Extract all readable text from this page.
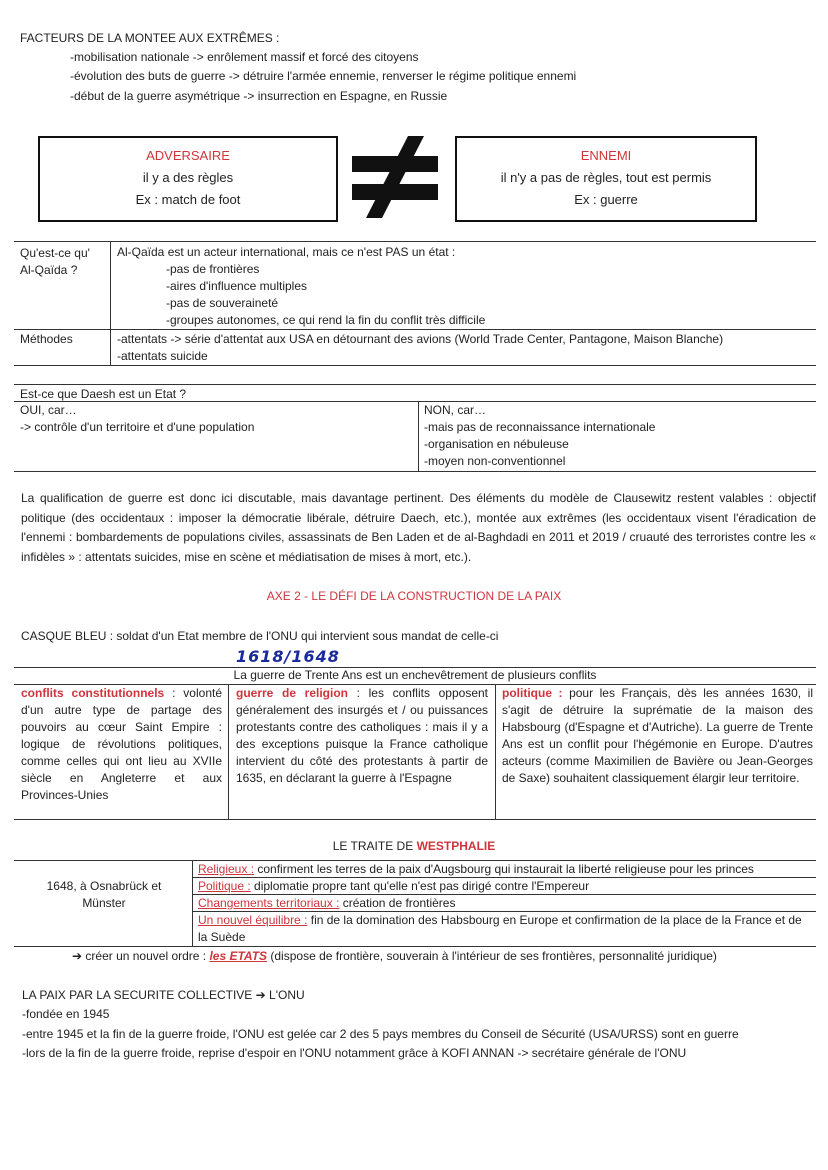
FACTEURS DE LA MONTEE AUX EXTRÊMES :
-mobilisation nationale -> enrôlement massif et forcé des citoyens
-évolution des buts de guerre -> détruire l'armée ennemie, renverser le régime politique ennemi
-début de la guerre asymétrique -> insurrection en Espagne, en Russie
ADVERSAIRE
il y a des règles
Ex : match de foot
ENNEMI
il n'y a pas de règles, tout est permis
Ex : guerre
Qu'est-ce qu' Al-Qaïda ?
Al-Qaïda est un acteur international, mais ce n'est PAS un état :
-pas de frontières
-aires d'influence multiples
-pas de souveraineté
-groupes autonomes, ce qui rend la fin du conflit très difficile
Méthodes	-attentats -> série d'attentat aux USA en détournant des avions (World Trade Center, Pantagone, Maison Blanche)
-attentats suicide
Est-ce que Daesh est un Etat ?
OUI, car…
-> contrôle d'un territoire et d'une population
NON, car…
-mais pas de reconnaissance internationale
-organisation en nébuleuse
-moyen non-conventionnel
La qualification de guerre est donc ici discutable, mais davantage pertinent. Des éléments du modèle de Clausewitz restent valables : objectif politique (des occidentaux : imposer la démocratie libérale, détruire Daech, etc.), montée aux extrêmes (les occidentaux visent l'éradication de l'ennemi : bombardements de populations civiles, assassinats de Ben Laden et de al-Baghdadi en 2011 et 2019 / cruauté des terroristes contre les « infidèles » : attentats suicides, mise en scène et médiatisation de mises à mort, etc.).
AXE 2 - LE DÉFI DE LA CONSTRUCTION DE LA PAIX
CASQUE BLEU : soldat d'un Etat membre de l'ONU qui intervient sous mandat de celle-ci
1618/1648
La guerre de Trente Ans est un enchevêtrement de plusieurs conflits
conflits constitutionnels : volonté d'un autre type de partage des pouvoirs au cœur Saint Empire : logique de révolutions politiques, comme celles qui ont lieu au XVIIe siècle en Angleterre et aux Provinces-Unies
guerre de religion : les conflits opposent généralement des insurgés et / ou puissances protestants contre des catholiques : mais il y a des exceptions puisque la France catholique intervient du côté des protestants à partir de 1635, en déclarant la guerre à l'Espagne
politique : pour les Français, dès les années 1630, il s'agit de détruire la suprématie de la maison des Habsbourg (d'Espagne et d'Autriche). La guerre de Trente Ans est un conflit pour l'hégémonie en Europe. D'autres acteurs (comme Maximilien de Bavière ou Jean-Georges de Saxe) souhaitent classiquement élargir leur territoire.
LE TRAITE DE WESTPHALIE
1648, à Osnabrück et Münster
Religieux : confirment les terres de la paix d'Augsbourg qui instaurait la liberté religieuse pour les princes
Politique : diplomatie propre tant qu'elle n'est pas dirigé contre l'Empereur
Changements territoriaux : création de frontières
Un nouvel équilibre : fin de la domination des Habsbourg en Europe et confirmation de la place de la France et de la Suède
➔ créer un nouvel ordre : les ETATS (dispose de frontière, souverain à l'intérieur de ses frontières, personnalité juridique)
LA PAIX PAR LA SECURITE COLLECTIVE ➔ L'ONU
-fondée en 1945
-entre 1945 et la fin de la guerre froide, l'ONU est gelée car 2 des 5 pays membres du Conseil de Sécurité (USA/URSS) sont en guerre
-lors de la fin de la guerre froide, reprise d'espoir en l'ONU notamment grâce à KOFI ANNAN -> secrétaire générale de l'ONU
